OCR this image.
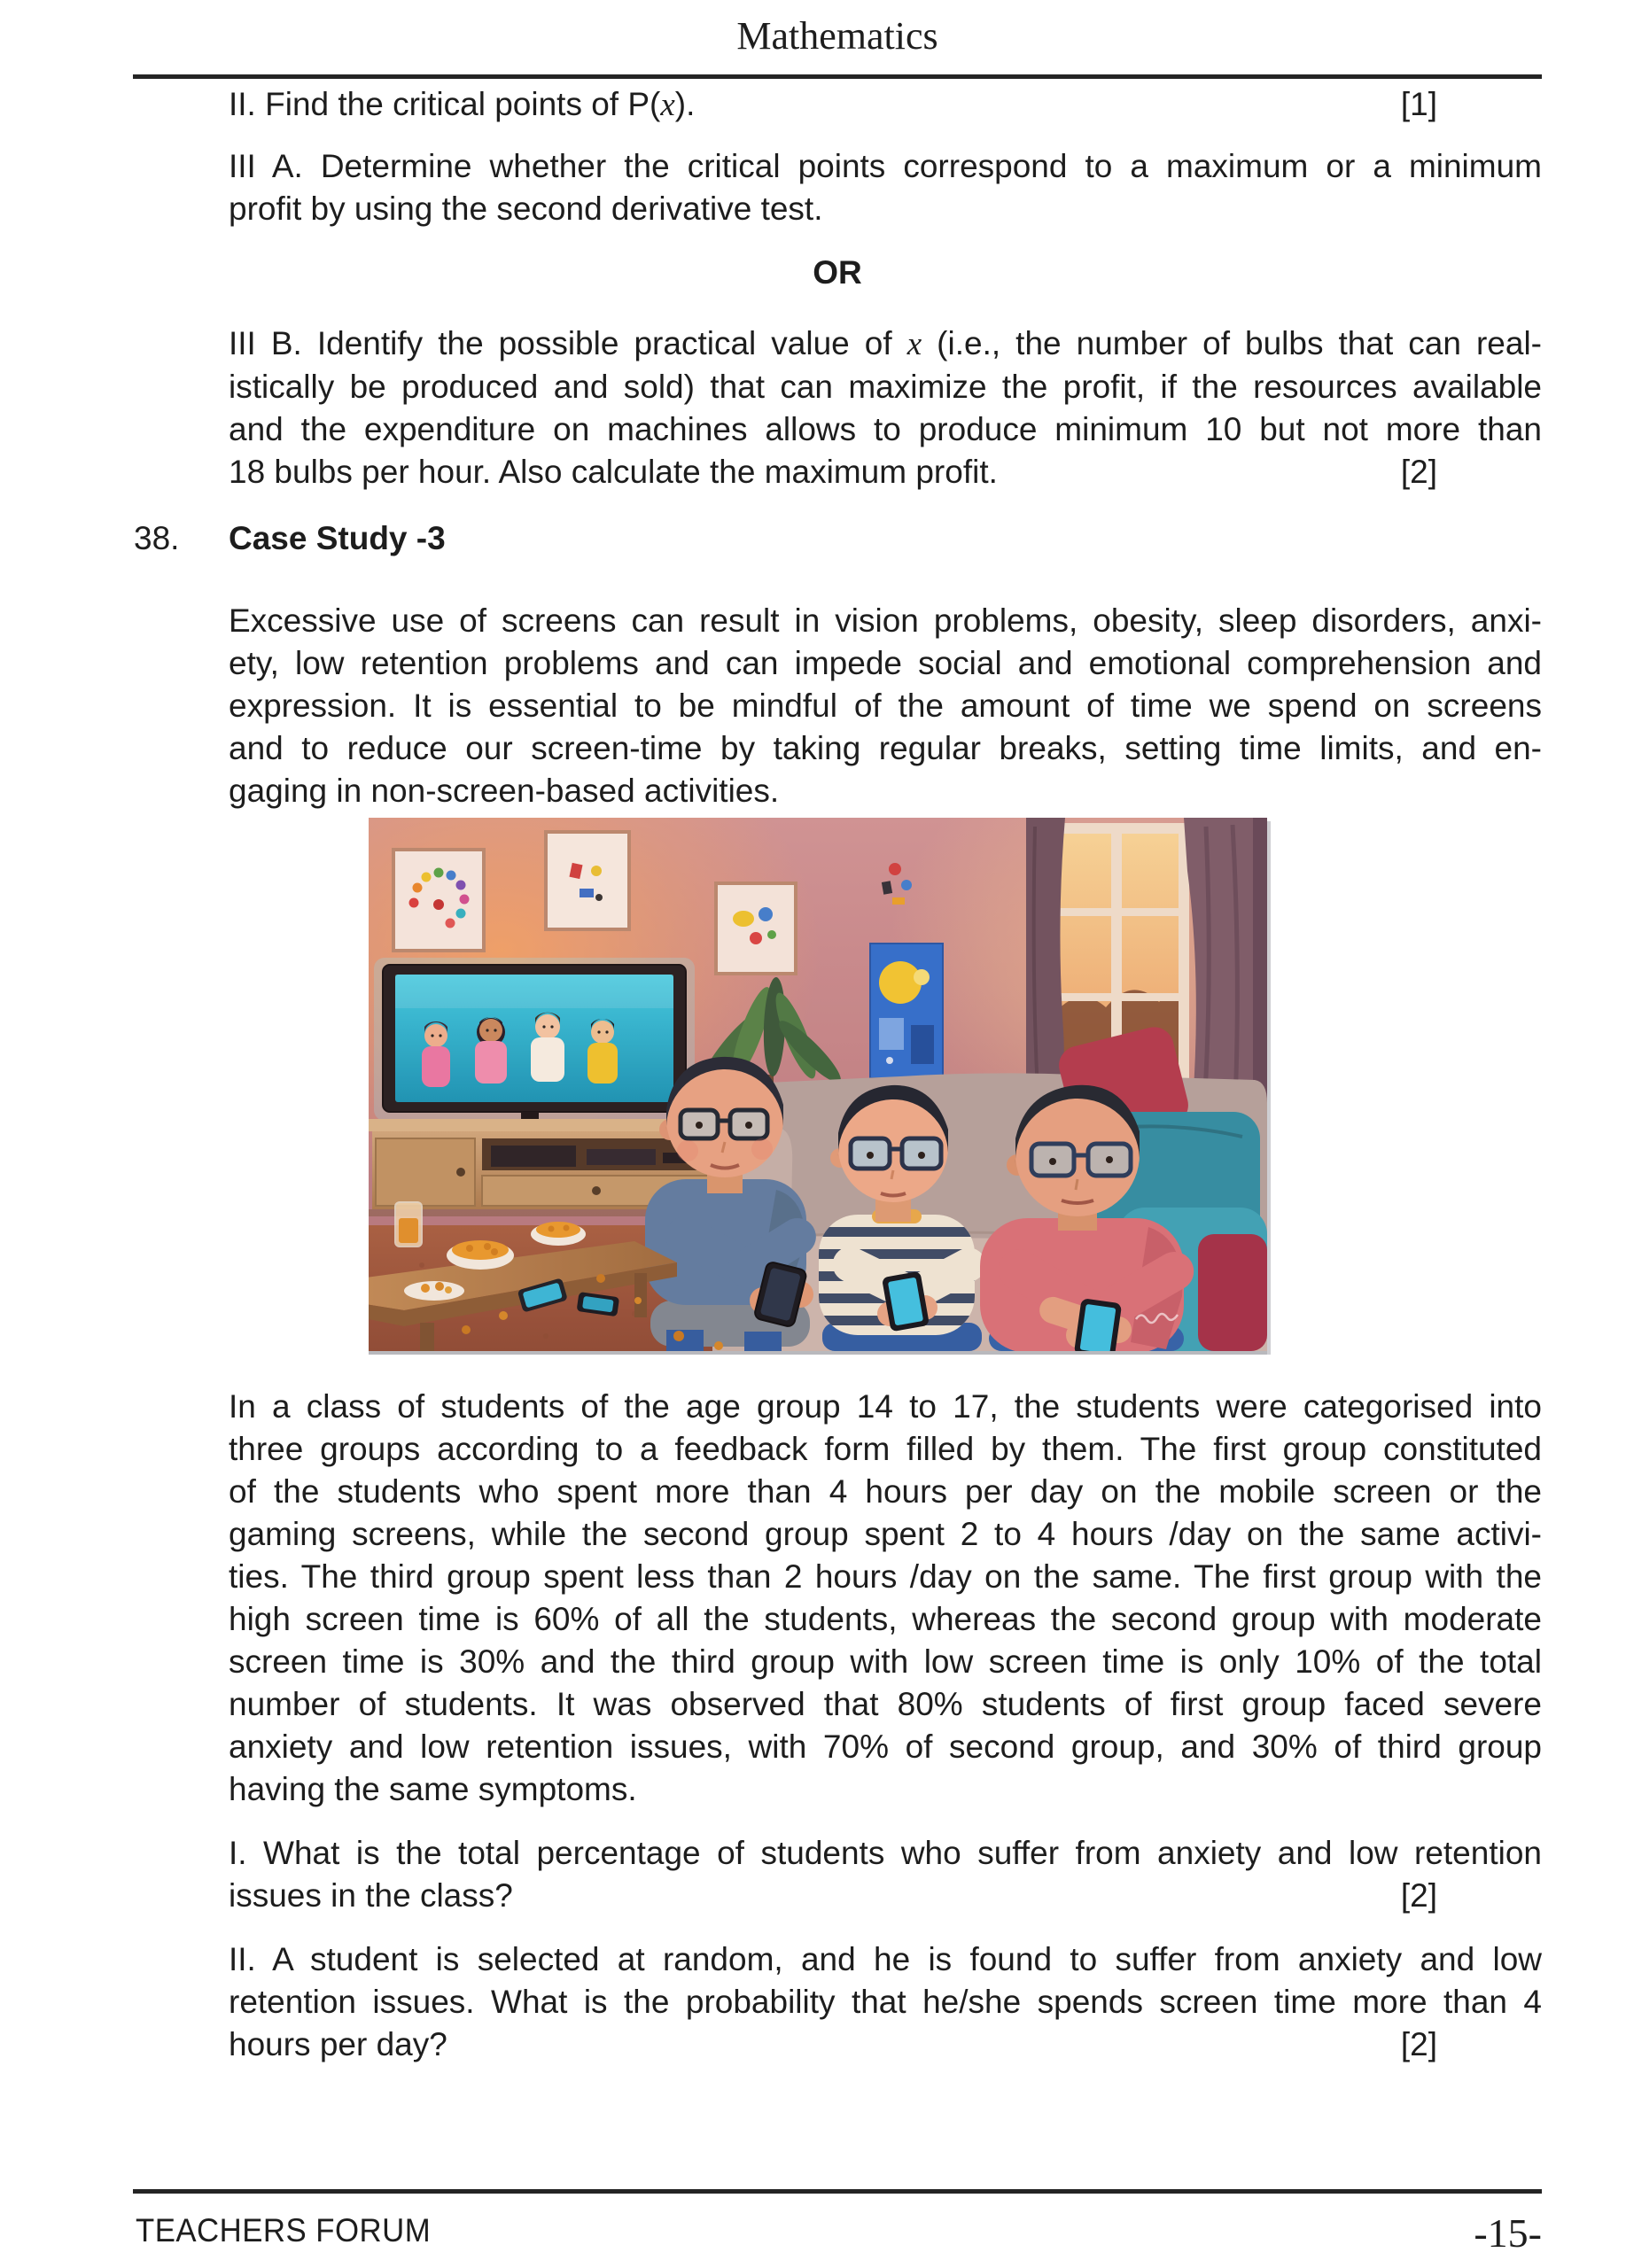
Mathematics
II. Find the critical points of P(x).	[1]
III A. Determine whether the critical points correspond to a maximum or a minimum
profit by using the second derivative test.
OR
III B. Identify the possible practical value of x (i.e., the number of bulbs that can real-
istically be produced and sold) that can maximize the profit, if the resources available
and the expenditure on machines allows to produce minimum 10 but not more than
18 bulbs per hour. Also calculate the maximum profit.	[2]
38. Case Study -3
Excessive use of screens can result in vision problems, obesity, sleep disorders, anxi-
ety, low retention problems and can impede social and emotional comprehension and
expression. It is essential to be mindful of the amount of time we spend on screens
and to reduce our screen-time by taking regular breaks, setting time limits, and en-
gaging in non-screen-based activities.
In a class of students of the age group 14 to 17, the students were categorised into
three groups according to a feedback form filled by them. The first group constituted
of the students who spent more than 4 hours per day on the mobile screen or the
gaming screens, while the second group spent 2 to 4 hours /day on the same activi-
ties. The third group spent less than 2 hours /day on the same. The first group with the
high screen time is 60% of all the students, whereas the second group with moderate
screen time is 30% and the third group with low screen time is only 10% of the total
number of students. It was observed that 80% students of first group faced severe
anxiety and low retention issues, with 70% of second group, and 30% of third group
having the same symptoms.
I. What is the total percentage of students who suffer from anxiety and low retention
issues in the class?	[2]
II. A student is selected at random, and he is found to suffer from anxiety and low
retention issues. What is the probability that he/she spends screen time more than 4
hours per day?	[2]
TEACHERS FORUM	-15-
